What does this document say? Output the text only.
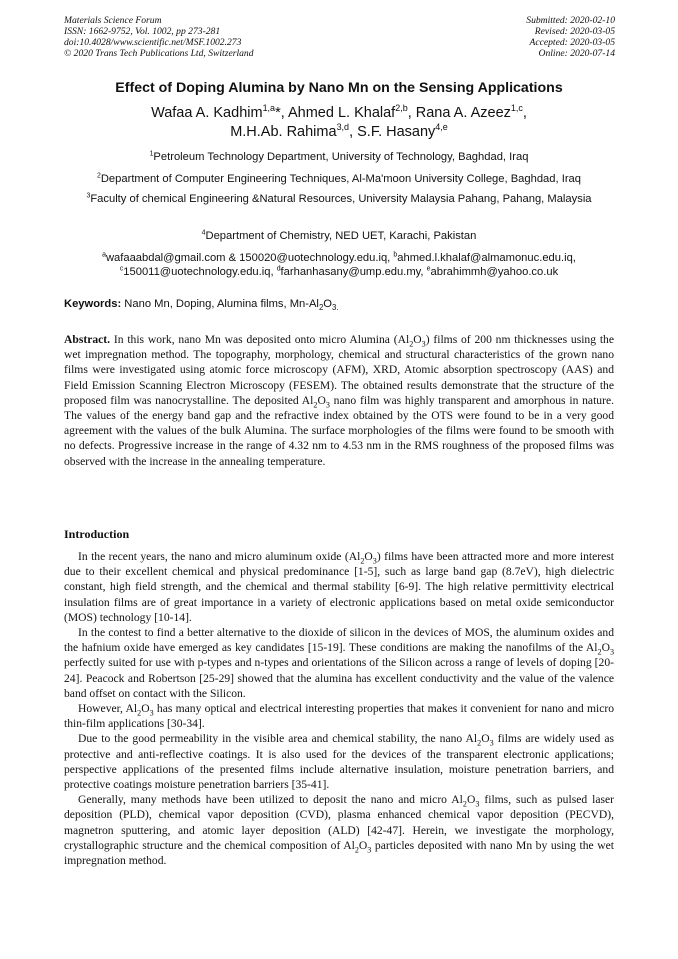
Materials Science Forum
ISSN: 1662-9752, Vol. 1002, pp 273-281
doi:10.4028/www.scientific.net/MSF.1002.273
© 2020 Trans Tech Publications Ltd, Switzerland
Submitted: 2020-02-10
Revised: 2020-03-05
Accepted: 2020-03-05
Online: 2020-07-14
Effect of Doping Alumina by Nano Mn on the Sensing Applications
Wafaa A. Kadhim$^{1,a}$*, Ahmed L. Khalaf$^{2,b}$, Rana A. Azeez$^{1,c}$,
M.H.Ab. Rahima$^{3,d}$, S.F. Hasany$^{4,e}$
$^1$Petroleum Technology Department, University of Technology, Baghdad, Iraq
$^2$Department of Computer Engineering Techniques, Al-Ma'moon University College, Baghdad, Iraq
$^3$Faculty of chemical Engineering &Natural Resources, University Malaysia Pahang, Pahang, Malaysia
$^4$Department of Chemistry, NED UET, Karachi, Pakistan
$^a$wafaaabdal@gmail.com & 150020@uotechnology.edu.iq, $^b$ahmed.l.khalaf@almamonuc.edu.iq,
$^c$150011@uotechnology.edu.iq, $^d$farhanhasany@ump.edu.my, $^e$abrahimmh@yahoo.co.uk
Keywords: Nano Mn, Doping, Alumina films, $Mn-Al_2O_{3.}$
Abstract. In this work, nano Mn was deposited onto micro Alumina $(Al_2O_3)$ films of 200 nm thicknesses using the wet impregnation method. The topography, morphology, chemical and structural characteristics of the grown nano films were investigated using atomic force microscopy (AFM), XRD, Atomic absorption spectroscopy (AAS) and Field Emission Scanning Electron Microscopy (FESEM). The obtained results demonstrate that the structure of the proposed film was nanocrystalline. The deposited $Al_2O_3$ nano film was highly transparent and amorphous in nature. The values of the energy band gap and the refractive index obtained by the OTS were found to be in a very good agreement with the values of the bulk Alumina. The surface morphologies of the films were found to be smooth with no defects. Progressive increase in the range of 4.32 nm to 4.53 nm in the RMS roughness of the proposed films was observed with the increase in the annealing temperature.
Introduction

In the recent years, the nano and micro aluminum oxide $(Al_2O_3)$ films have been attracted more and more interest due to their excellent chemical and physical predominance [1-5], such as large band gap (8.7eV), high dielectric constant, high field strength, and the chemical and thermal stability [6-9]. The high relative permittivity electrical insulation films are of great importance in a variety of electronic applications based on metal oxide semiconductor (MOS) technology [10-14].

In the contest to find a better alternative to the dioxide of silicon in the devices of MOS, the aluminum oxides and the hafnium oxide have emerged as key candidates [15-19]. These conditions are making the nanofilms of the $Al_2O_3$ perfectly suited for use with p-types and n-types and orientations of the Silicon across a range of levels of doping [20-24]. Peacock and Robertson [25-29] showed that the alumina has excellent conductivity and the value of the valence band offset on contact with the Silicon.

However, $Al_2O_3$ has many optical and electrical interesting properties that makes it convenient for nano and micro thin-film applications [30-34].

Due to the good permeability in the visible area and chemical stability, the nano $Al_2O_3$ films are widely used as protective and anti-reflective coatings. It is also used for the devices of the transparent electronic applications; perspective applications of the presented films include alternative insulation, moisture penetration barriers, and protective coatings moisture penetration barriers [35-41].

Generally, many methods have been utilized to deposit the nano and micro $Al_2O_3$ films, such as pulsed laser deposition (PLD), chemical vapor deposition (CVD), plasma enhanced chemical vapor deposition (PECVD), magnetron sputtering, and atomic layer deposition (ALD) [42-47]. Herein, we investigate the morphology, crystallographic structure and the chemical composition of $Al_2O_3$ particles deposited with nano Mn by using the wet impregnation method.
